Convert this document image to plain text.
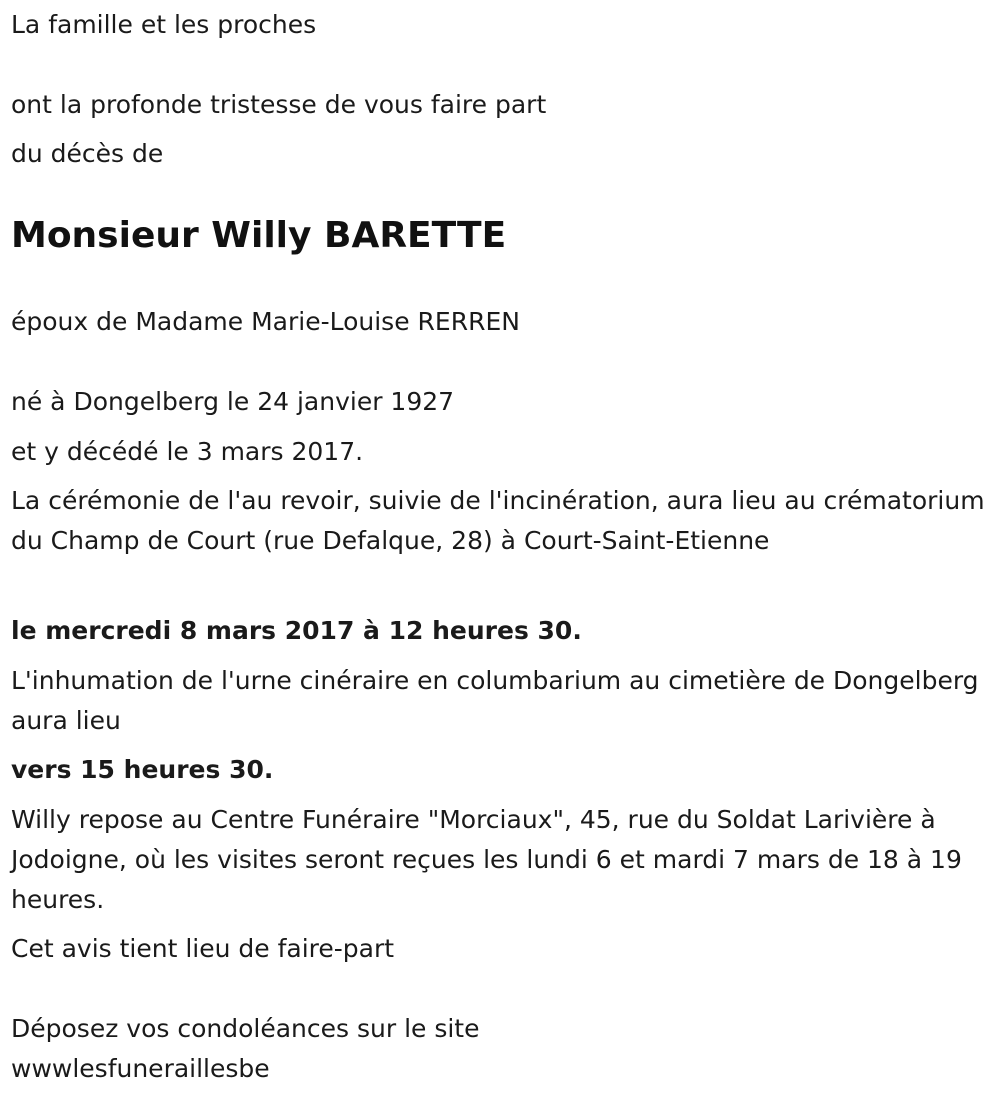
La famille et les proches

ont la profonde tristesse de vous faire part

du décès de

Monsieur Willy BARETTE

époux de Madame Marie-Louise RERREN

né à Dongelberg le 24 janvier 1927

et y décédé le 3 mars 2017.

La cérémonie de l'au revoir, suivie de l'incinération, aura lieu au crématorium du Champ de Court (rue Defalque, 28) à Court-Saint-Etienne

le mercredi 8 mars 2017 à 12 heures 30.

L'inhumation de l'urne cinéraire en columbarium au cimetière de Dongelberg aura lieu

vers 15 heures 30.

Willy repose au Centre Funéraire "Morciaux", 45, rue du Soldat Larivière à Jodoigne, où les visites seront reçues les lundi 6 et mardi 7 mars de 18 à 19 heures.

Cet avis tient lieu de faire-part

Déposez vos condoléances sur le site

wwwlesfuneraillesbe
